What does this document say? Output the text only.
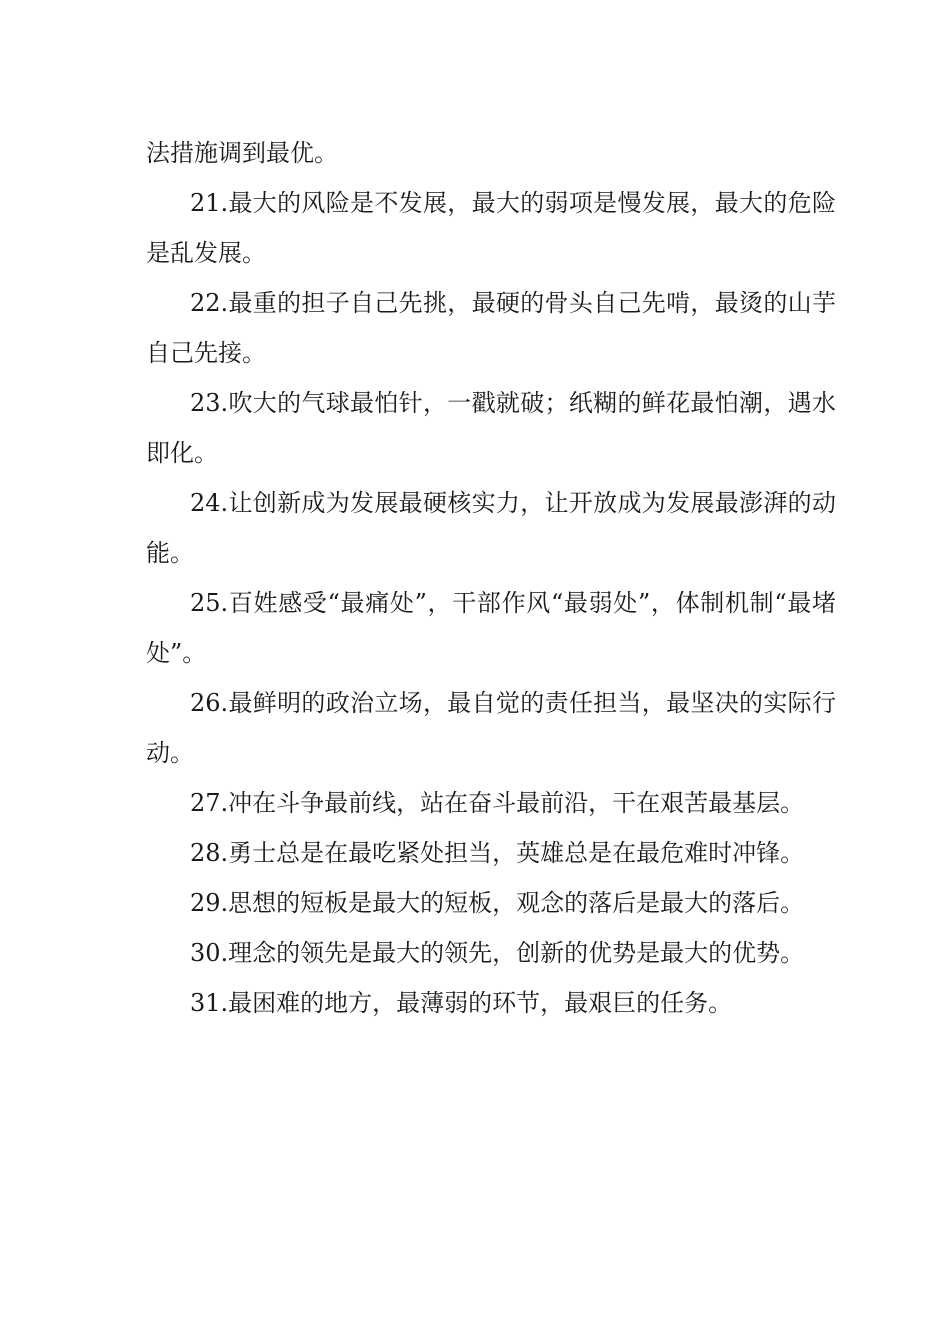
法措施调到最优。

21.最大的风险是不发展，最大的弱项是慢发展，最大的危险是乱发展。

22.最重的担子自己先挑，最硬的骨头自己先啃，最烫的山芋自己先接。

23.吹大的气球最怕针，一戳就破；纸糊的鲜花最怕潮，遇水即化。

24.让创新成为发展最硬核实力，让开放成为发展最澎湃的动能。

25.百姓感受“最痛处”，干部作风“最弱处”，体制机制“最堵处”。

26.最鲜明的政治立场，最自觉的责任担当，最坚决的实际行动。

27.冲在斗争最前线，站在奋斗最前沿，干在艰苦最基层。

28.勇士总是在最吃紧处担当，英雄总是在最危难时冲锋。

29.思想的短板是最大的短板，观念的落后是最大的落后。

30.理念的领先是最大的领先，创新的优势是最大的优势。

31.最困难的地方，最薄弱的环节，最艰巨的任务。
